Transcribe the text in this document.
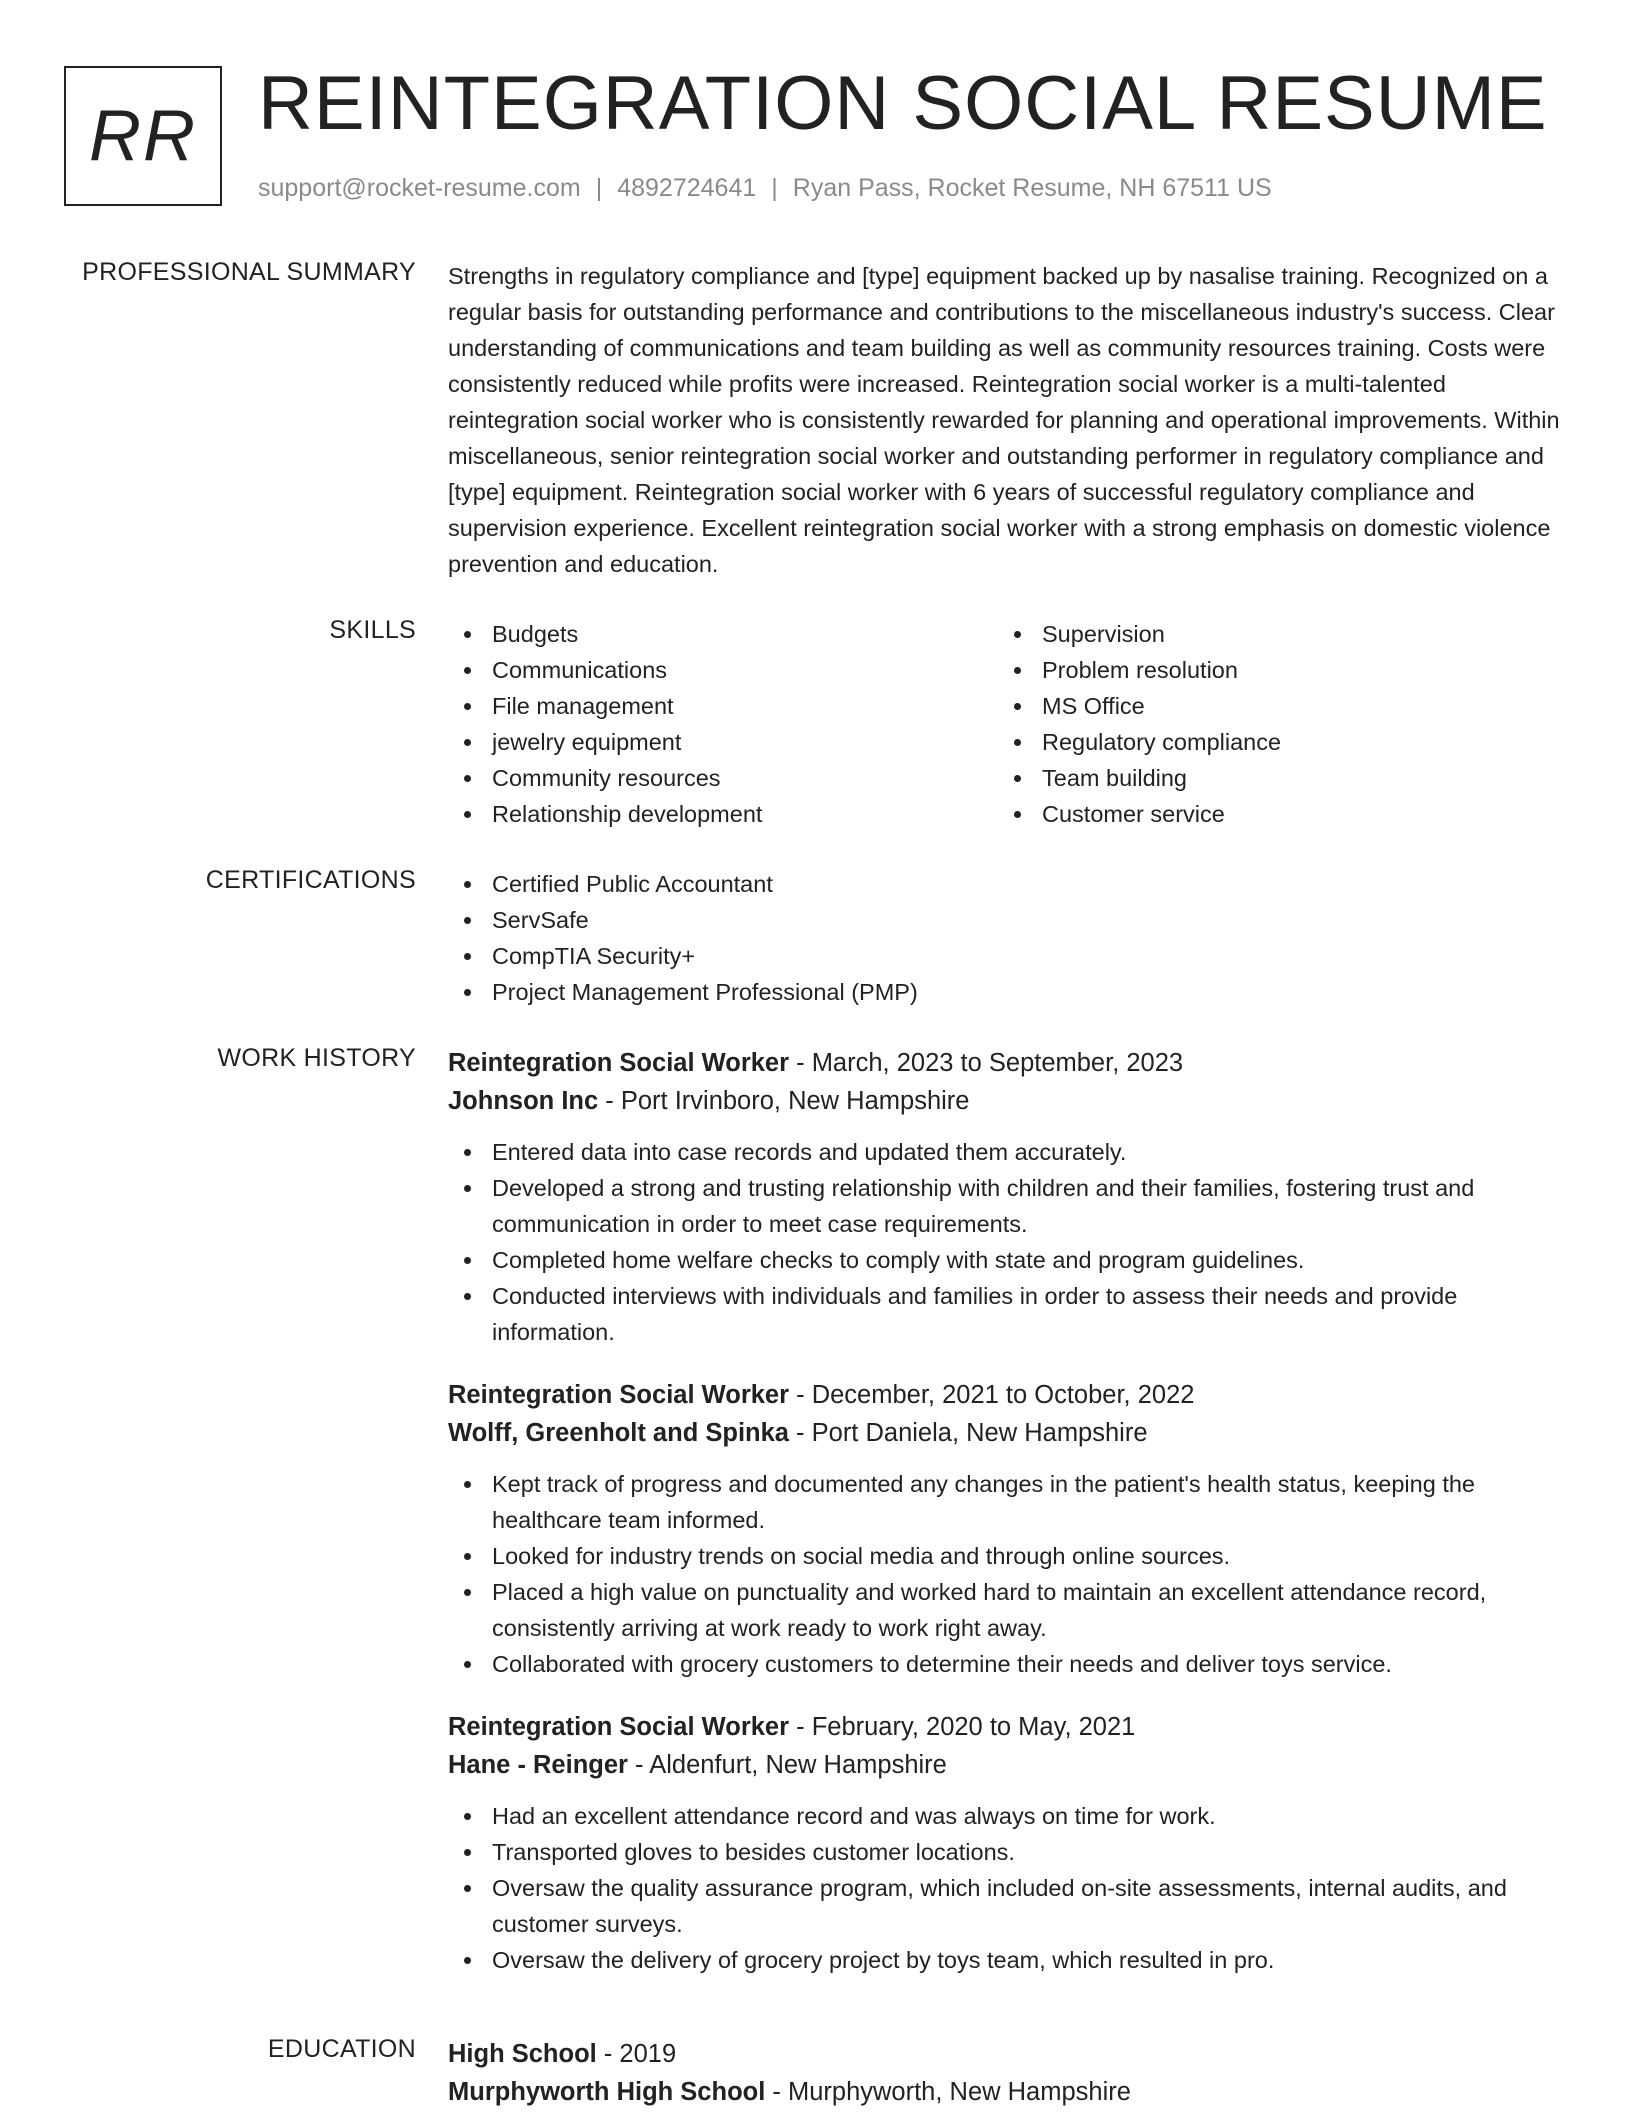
RR REINTEGRATION SOCIAL RESUME
support@rocket-resume.com | 4892724641 | Ryan Pass, Rocket Resume, NH 67511 US
PROFESSIONAL SUMMARY Strengths in regulatory compliance and [type] equipment backed up by nasalise training. Recognized on a regular basis for outstanding performance and contributions to the miscellaneous industry's success. Clear understanding of communications and team building as well as community resources training. Costs were consistently reduced while profits were increased. Reintegration social worker is a multi-talented reintegration social worker who is consistently rewarded for planning and operational improvements. Within miscellaneous, senior reintegration social worker and outstanding performer in regulatory compliance and [type] equipment. Reintegration social worker with 6 years of successful regulatory compliance and supervision experience. Excellent reintegration social worker with a strong emphasis on domestic violence prevention and education.

SKILLS	Budgets
Communications
File management
jewelry equipment
Community resources
Relationship development
Supervision
Problem resolution
MS Office
Regulatory compliance
Team building
Customer service
CERTIFICATIONS	Certified Public Accountant
ServSafe
CompTIA Security+
Project Management Professional (PMP)
WORK HISTORY Reintegration Social Worker - March, 2023 to September, 2023
Johnson Inc - Port Irvinboro, New Hampshire
Entered data into case records and updated them accurately.
Developed a strong and trusting relationship with children and their families, fostering trust and communication in order to meet case requirements.
Completed home welfare checks to comply with state and program guidelines.
Conducted interviews with individuals and families in order to assess their needs and provide information.
Reintegration Social Worker - December, 2021 to October, 2022
Wolff, Greenholt and Spinka - Port Daniela, New Hampshire
Kept track of progress and documented any changes in the patient's health status, keeping the healthcare team informed.
Looked for industry trends on social media and through online sources.
Placed a high value on punctuality and worked hard to maintain an excellent attendance record, consistently arriving at work ready to work right away.
Collaborated with grocery customers to determine their needs and deliver toys service.
Reintegration Social Worker - February, 2020 to May, 2021
Hane - Reinger - Aldenfurt, New Hampshire
Had an excellent attendance record and was always on time for work.
Transported gloves to besides customer locations.
Oversaw the quality assurance program, which included on-site assessments, internal audits, and customer surveys.
Oversaw the delivery of grocery project by toys team, which resulted in pro.
EDUCATION High School - 2019
Murphyworth High School - Murphyworth, New Hampshire
